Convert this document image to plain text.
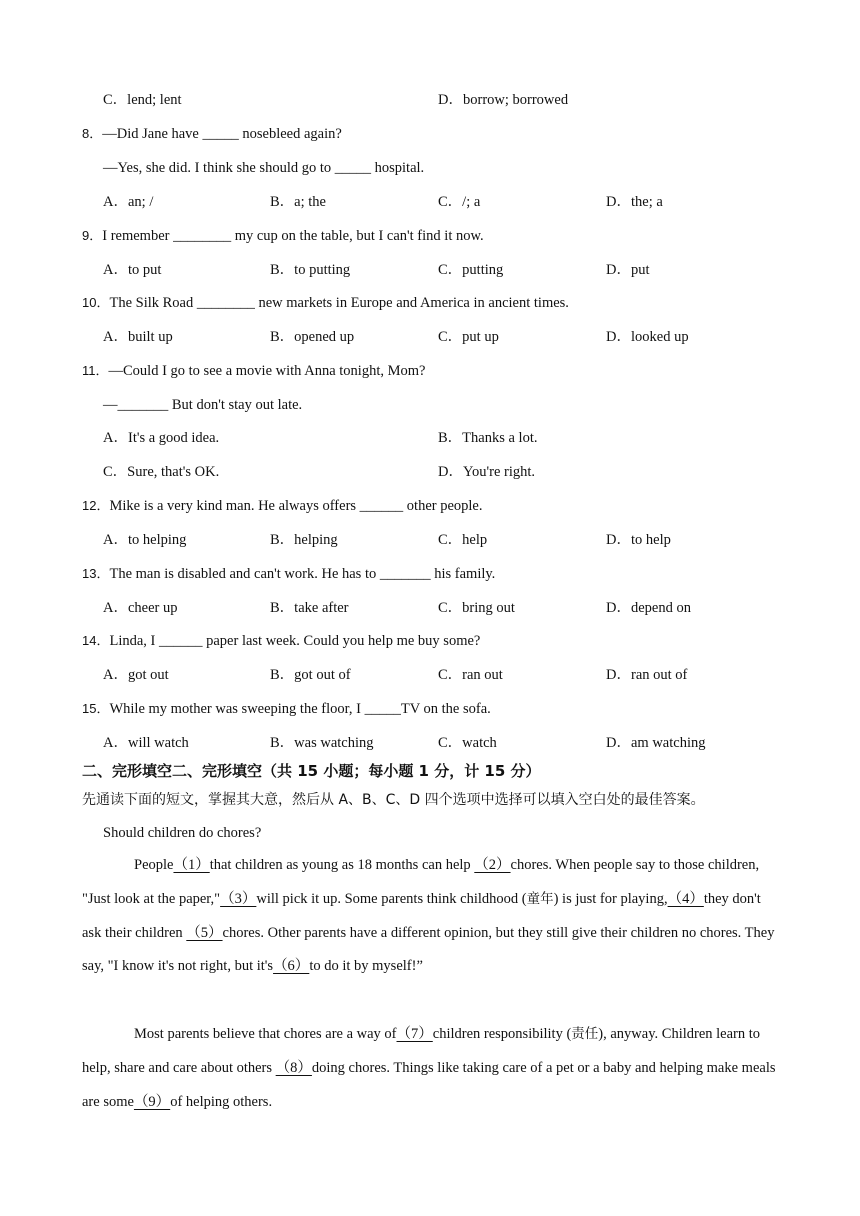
C．lend; lent	D．borrow; borrowed
8．—Did Jane have _____ nosebleed again?
—Yes, she did. I think she should go to _____ hospital.
A．an; /	B．a; the	C．/; a	D．the; a
9．I remember ________ my cup on the table, but I can't find it now.
A．to put	B．to putting	C．putting	D．put
10．The Silk Road ________ new markets in Europe and America in ancient times.
A．built up	B．opened up	C．put up	D．looked up
11．—Could I go to see a movie with Anna tonight, Mom?
—_______ But don't stay out late.
A．It's a good idea.	B．Thanks a lot.
C．Sure, that's OK.	D．You're right.
12．Mike is a very kind man. He always offers ______ other people.
A．to helping	B．helping	C．help	D．to help
13．The man is disabled and can't work. He has to _______ his family.
A．cheer up	B．take after	C．bring out	D．depend on
14．Linda, I ______ paper last week. Could you help me buy some?
A．got out	B．got out of	C．ran out	D．ran out of
15．While my mother was sweeping the floor, I _____TV on the sofa.
A．will watch	B．was watching	C．watch	D．am watching
二、完形填空二、完形填空（共 15 小题；每小题 1 分，计 15 分）
先通读下面的短文，掌握其大意，然后从 A、B、C、D 四个选项中选择可以填入空白处的最佳答案。
Should children do chores?
People（1）that children as young as 18 months can help （2）chores. When people say to those children, "Just look at the paper,"（3）will pick it up. Some parents think childhood (童年) is just for playing,（4）they don't ask their children （5）chores. Other parents have a different opinion, but they still give their children no chores. They say, "I know it's not right, but it's（6）to do it by myself!”
Most parents believe that chores are a way of（7）children responsibility (责任), anyway. Children learn to help, share and care about others （8）doing chores. Things like taking care of a pet or a baby and helping make meals are some（9）of helping others.
